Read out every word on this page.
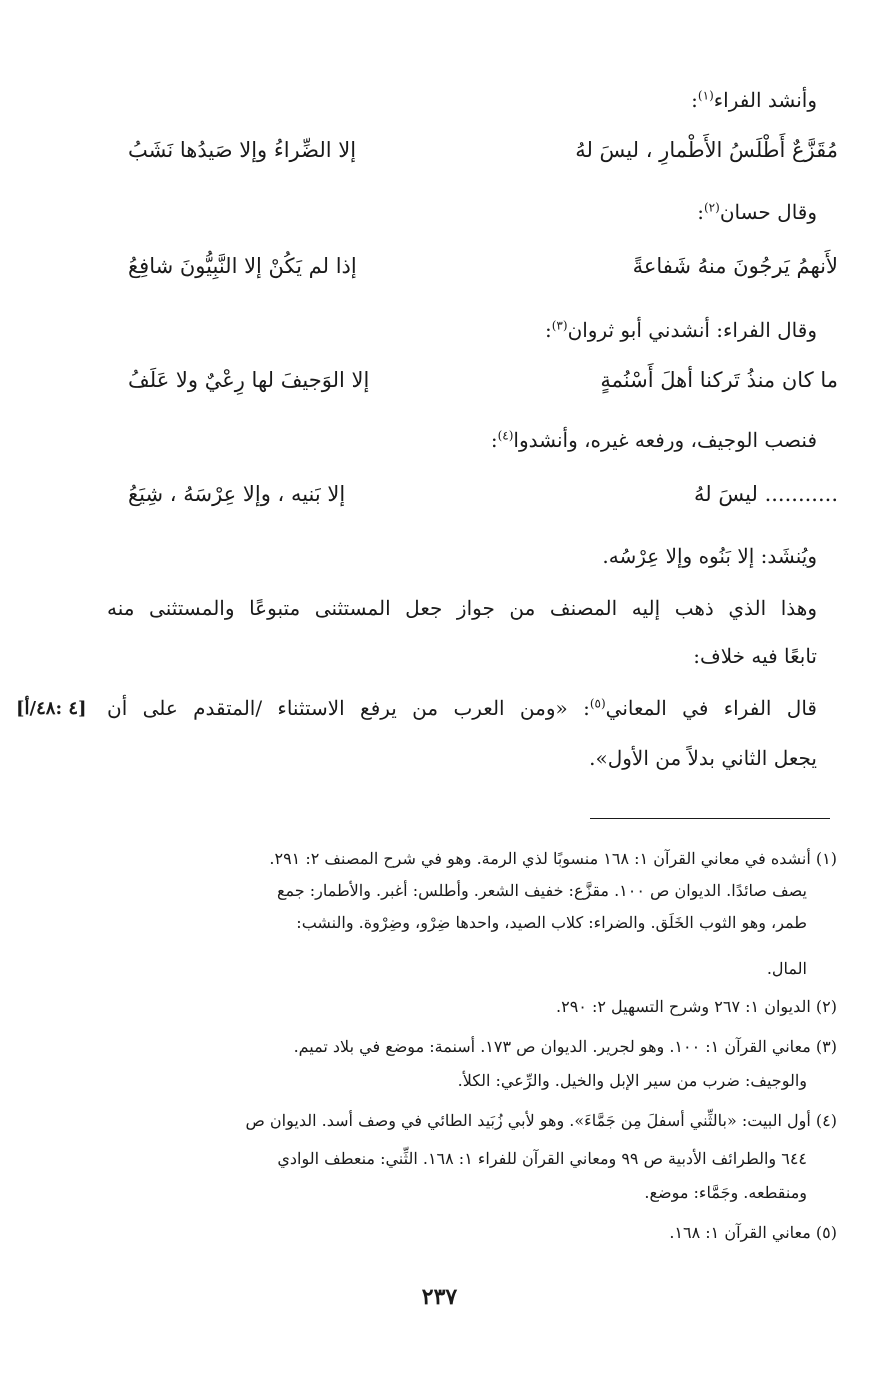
وأنشد الفراء$^{(١)}$:
مُقَزَّعٌ أَطْلَسُ الأَطْمارِ ، ليسَ لهُ
إلا الضِّراءُ وإلا صَيدُها نَشَبُ
وقال حسان$^{(٢)}$:
لأَنهمُ يَرجُونَ منهُ شَفاعةً
إذا لم يَكُنْ إلا النَّبِيُّونَ شافِعُ
وقال الفراء: أنشدني أبو ثروان$^{(٣)}$:
ما كان منذُ تَركنا أهلَ أَسْنُمةٍ
إلا الوَجيفَ لها رِعْيٌ ولا عَلَفُ
فنصب الوجيف، ورفعه غيره، وأنشدوا$^{(٤)}$:
........... ليسَ لهُ
إلا بَنيه ، وإلا عِرْسَهُ ، شِيَعُ
ويُنشَد: إلا بَنُوه وإلا عِرْسُه.
وهذا الذي ذهب إليه المصنف من جواز جعل المستثنى متبوعًا والمستثنى منه
تابعًا فيه خلاف:
قال الفراء في المعاني$^{(٥)}$: «ومن العرب من يرفع الاستثناء /المتقدم على أن
يجعل الثاني بدلاً من الأول».
[٤ :٤٨/أ]
(١) أنشده في معاني القرآن ١: ١٦٨ منسوبًا لذي الرمة. وهو في شرح المصنف ٢: ٢٩١.
يصف صائدًا. الديوان ص ١٠٠. مقزَّع: خفيف الشعر. وأطلس: أغبر. والأطمار: جمع
طمر، وهو الثوب الخَلَق. والضراء: كلاب الصيد، واحدها ضِرْو، وضِرْوة. والنشب:
المال.
(٢) الديوان ١: ٢٦٧ وشرح التسهيل ٢: ٢٩٠.
(٣) معاني القرآن ١: ١٠٠. وهو لجرير. الديوان ص ١٧٣. أسنمة: موضع في بلاد تميم.
والوجيف: ضرب من سير الإبل والخيل. والرِّعي: الكلأ.
(٤) أول البيت: «بالثِّني أسفلَ مِن جَمَّاءَ». وهو لأبي زُبَيد الطائي في وصف أسد. الديوان ص
٦٤٤ والطرائف الأدبية ص ٩٩ ومعاني القرآن للفراء ١: ١٦٨. الثِّني: منعطف الوادي
ومنقطعه. وجَمَّاء: موضع.
(٥) معاني القرآن ١: ١٦٨.
٢٣٧
